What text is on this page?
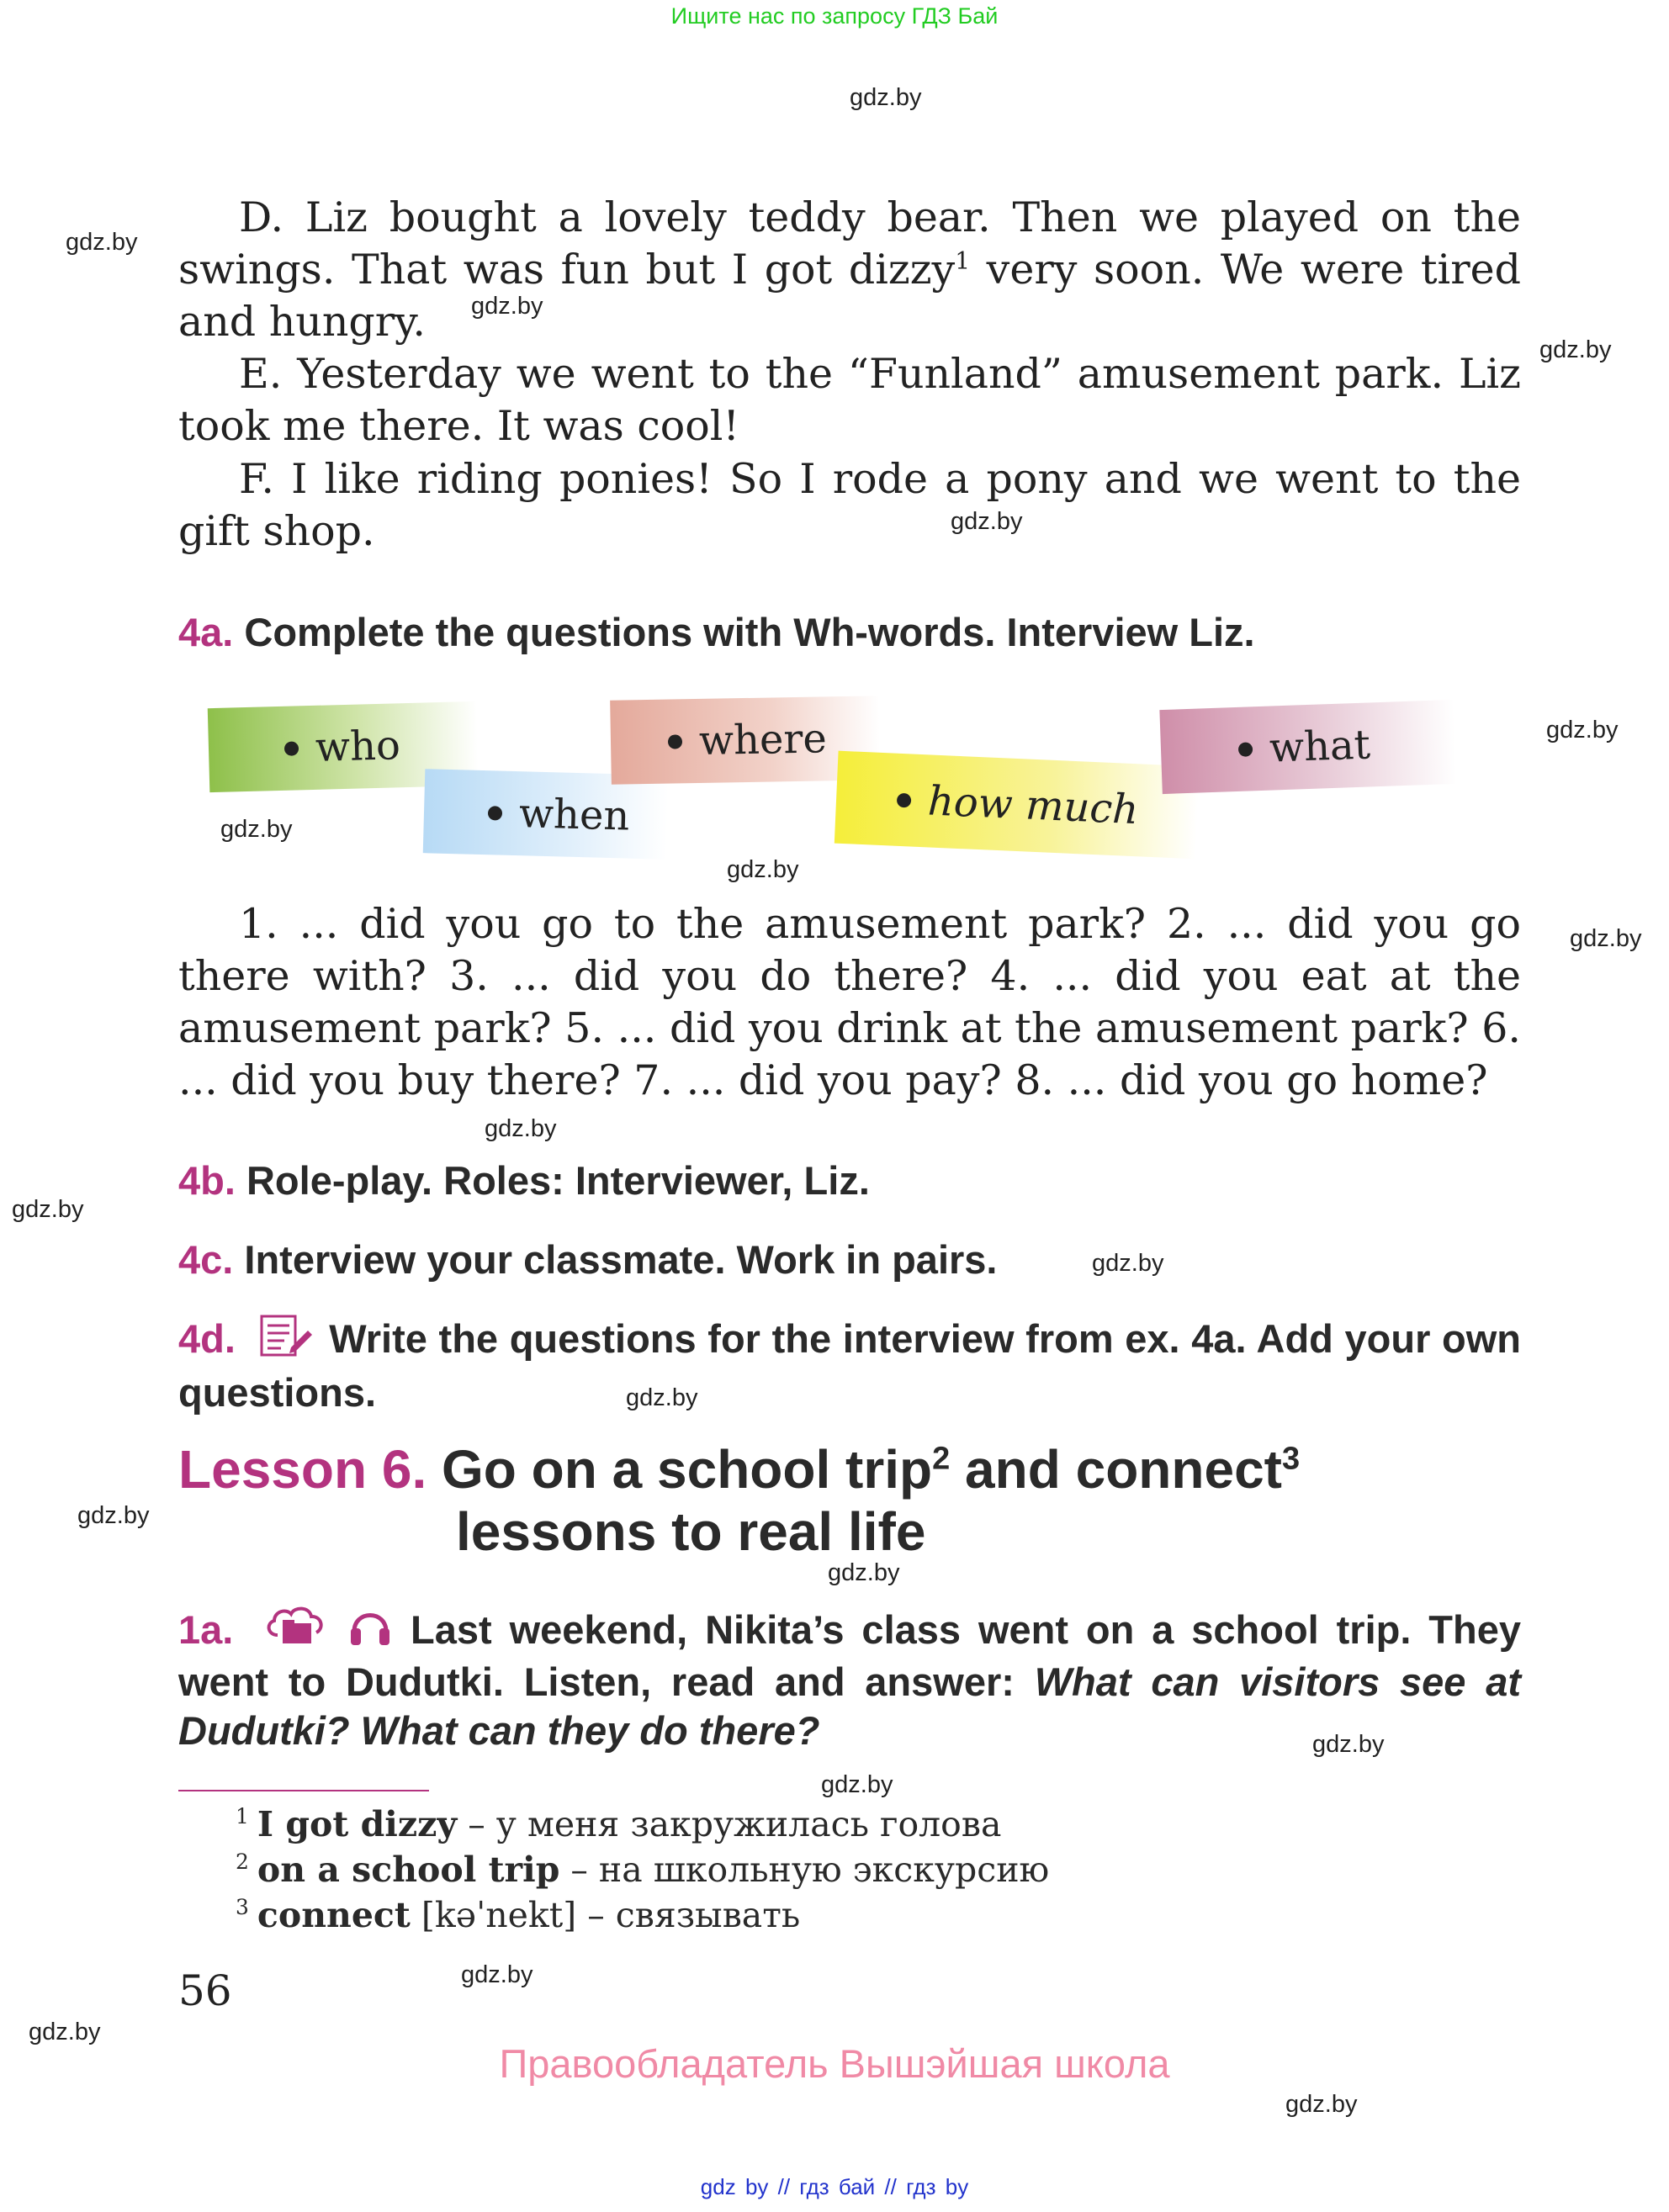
Ищите нас по запросу ГДЗ Бай
gdz.by
gdz.by
gdz.by
gdz.by
gdz.by
gdz.by
gdz.by
gdz.by
gdz.by
gdz.by
gdz.by
gdz.by
gdz.by
gdz.by
gdz.by
gdz.by
gdz.by
gdz.by
gdz.by
gdz.by

D. Liz bought a lovely teddy bear. Then we played on the swings. That was fun but I got dizzy$^1$ very soon. We were tired and hungry.

E. Yesterday we went to the “Funland” amusement park. Liz took me there. It was cool!

F. I like riding ponies! So I rode a pony and we went to the gift shop.

4a. Complete the questions with Wh-words. Interview Liz.

who
when
where
how much
what

1. ... did you go to the amusement park? 2. ... did you go there with? 3. ... did you do there? 4. ... did you eat at the amusement park? 5. ... did you drink at the amusement park? 6. ... did you buy there? 7. ... did you pay? 8. ... did you go home?

4b. Role-play. Roles: Interviewer, Liz.

4c. Interview your classmate. Work in pairs.

4d.  Write the questions for the interview from ex. 4a. Add your own questions.

Lesson 6. Go on a school trip$^2$ and connect$^3$
lessons to real life

1a.	Last weekend, Nikita’s class went on a school trip. They went to Dudutki. Listen, read and answer: What can visitors see at Dudutki? What can they do there?

$^1$ I got dizzy – у меня закружилась голова
$^2$ on a school trip – на школьную экскурсию
$^3$ connect [kəˈnekt] – связывать
56
Правообладатель Вышэйшая школа
gdz by // гдз бай // гдз by
